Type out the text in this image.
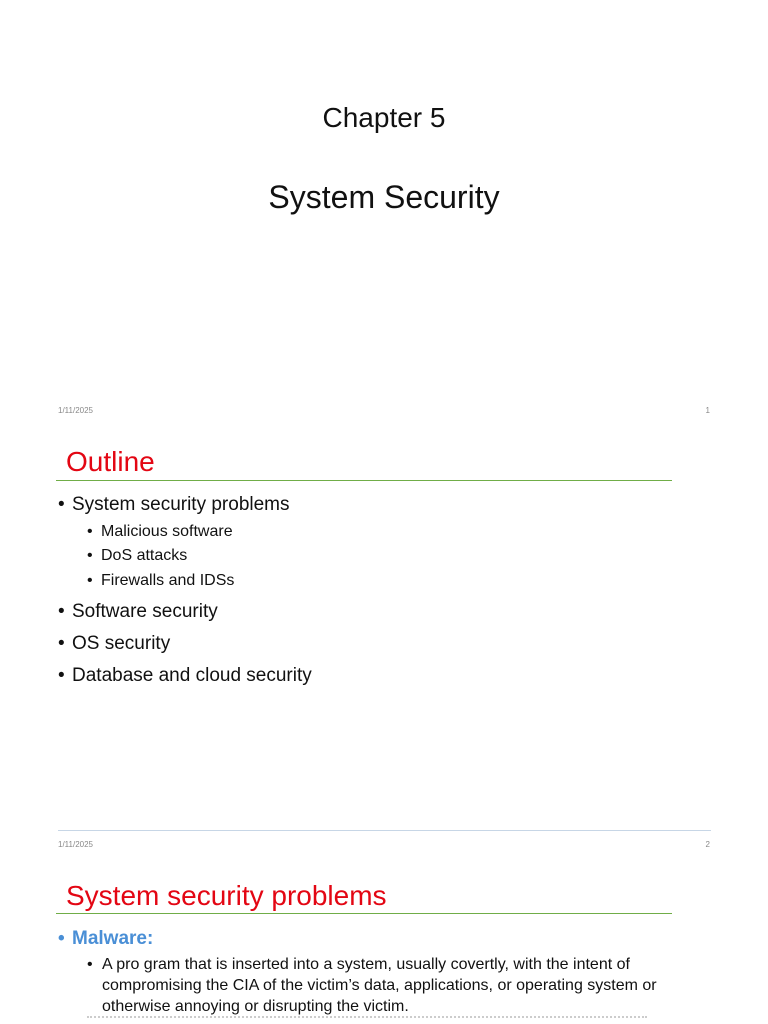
Chapter 5
System Security
1/11/2025	1
Outline
• System security problems
• Malicious software
• DoS attacks
• Firewalls and IDSs
• Software security
• OS security
• Database and cloud security
1/11/2025	2
System security problems
• Malware:
• A pro gram that is inserted into a system, usually covertly, with the intent of compromising the CIA of the victim’s data, applications, or operating system or otherwise annoying or disrupting the victim.
